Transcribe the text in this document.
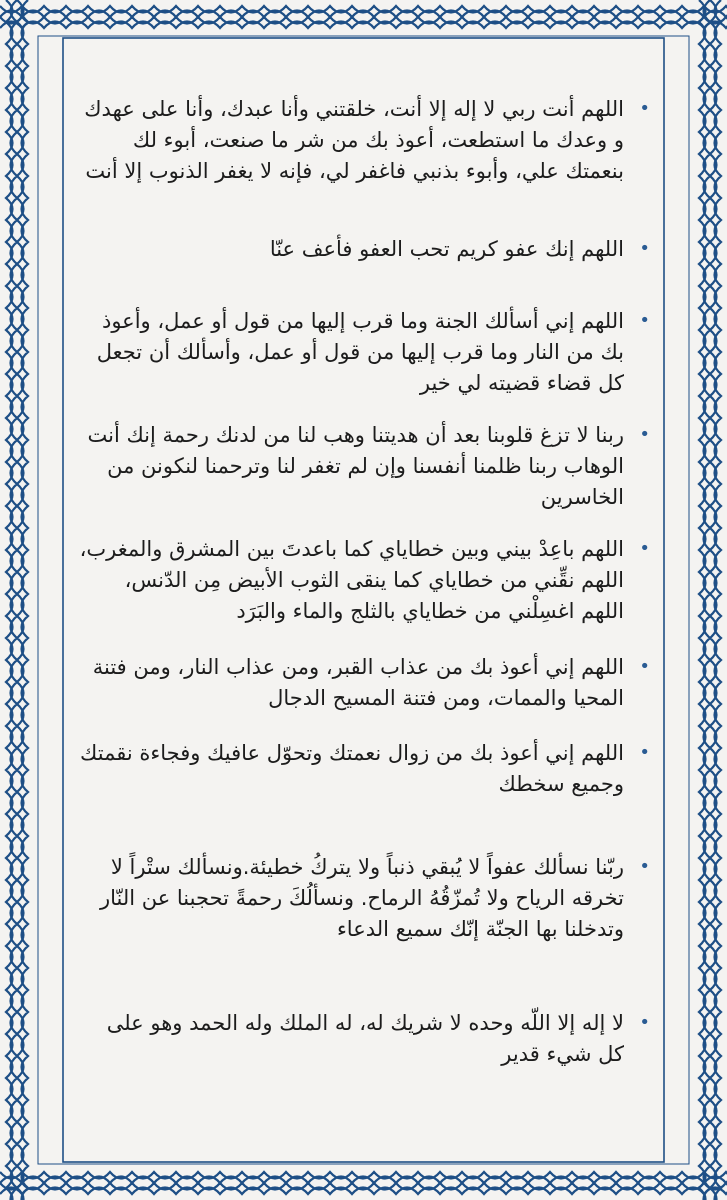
اللهم أنت ربي لا إله إلا أنت، خلقتني وأنا عبدك، وأنا على عهدك و وعدك ما استطعت، أعوذ بك من شر ما صنعت، أبوء لك بنعمتك علي، وأبوء بذنبي فاغفر لي، فإنه لا يغفر الذنوب إلا أنت
اللهم إنك عفو كريم تحب العفو فأعف عنّا
اللهم إني أسألك الجنة وما قرب إليها من قول أو عمل، وأعوذ بك من النار وما قرب إليها من قول أو عمل، وأسألك أن تجعل كل قضاء قضيته لي خير
ربنا لا تزغ قلوبنا بعد أن هديتنا وهب لنا من لدنك رحمة إنك أنت الوهاب ربنا ظلمنا أنفسنا وإن لم تغفر لنا وترحمنا لنكونن من الخاسرين
اللهم باعِدْ بيني وبين خطاياي كما باعدتَ بين المشرق والمغرب، اللهم نقِّني من خطاياي كما ينقى الثوب الأبيض مِن الدّنس، اللهم اغسِلْني من خطاياي بالثلج والماء والبَرَد
اللهم إني أعوذ بك من عذاب القبر، ومن عذاب النار، ومن فتنة المحيا والممات، ومن فتنة المسيح الدجال
اللهم إني أعوذ بك من زوال نعمتك وتحوّل عافيك وفجاءة نقمتك وجميع سخطك
ربّنا نسألك عفواً لا يُبقي ذنباً ولا يتركُ خطيئة.ونسألك ستْراً لا تخرقه الرياح ولا تُمزّقُهُ الرماح. ونسألُكَ رحمةً تحجبنا عن النّار وتدخلنا بها الجنّة إنّك سميع الدعاء
لا إله إلا اللّه وحده لا شريك له، له الملك وله الحمد وهو على كل شيء قدير
